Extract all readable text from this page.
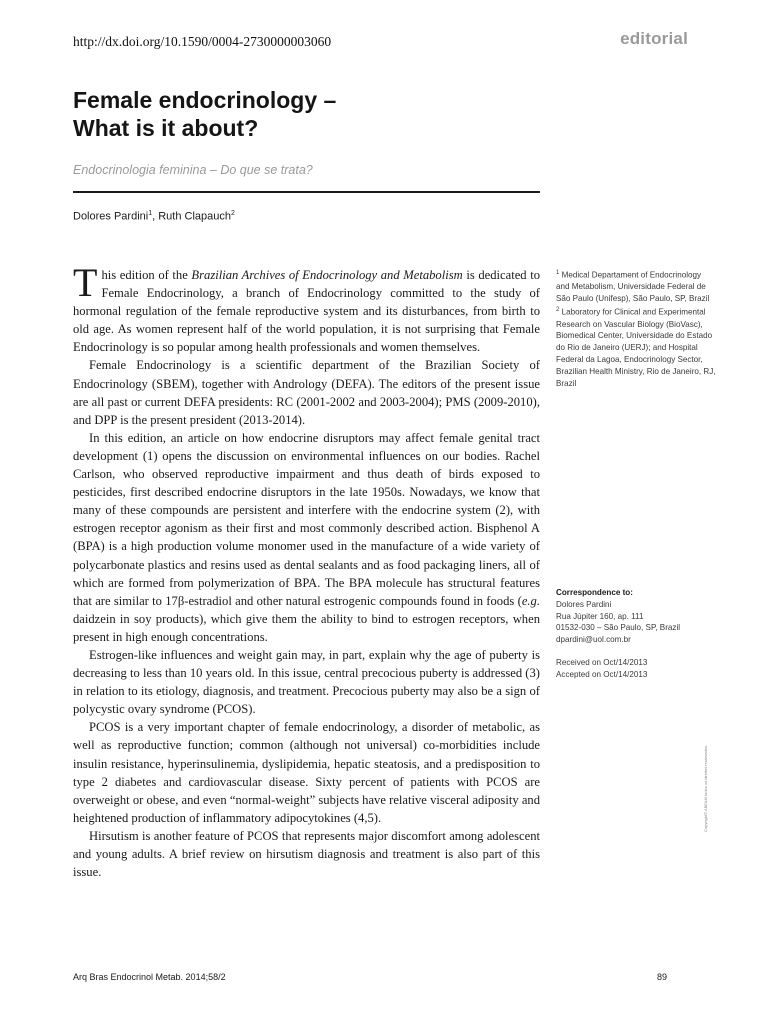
http://dx.doi.org/10.1590/0004-2730000003060	editorial
Female endocrinology –
What is it about?
Endocrinologia feminina – Do que se trata?
Dolores Pardini$^1$, Ruth Clapauch$^2$

This edition of the Brazilian Archives of Endocrinology and Metabolism is dedicated to Female Endocrinology, a branch of Endocrinology committed to the study of hormonal regulation of the female reproductive system and its disturbances, from birth to old age. As women represent half of the world population, it is not surprising that Female Endocrinology is so popular among health professionals and women themselves.

Female Endocrinology is a scientific department of the Brazilian Society of Endocrinology (SBEM), together with Andrology (DEFA). The editors of the present issue are all past or current DEFA presidents: RC (2001-2002 and 2003-2004); PMS (2009-2010), and DPP is the present president (2013-2014).

In this edition, an article on how endocrine disruptors may affect female genital tract development (1) opens the discussion on environmental influences on our bodies. Rachel Carlson, who observed reproductive impairment and thus death of birds exposed to pesticides, first described endocrine disruptors in the late 1950s. Nowadays, we know that many of these compounds are persistent and interfere with the endocrine system (2), with estrogen receptor agonism as their first and most commonly described action. Bisphenol A (BPA) is a high production volume monomer used in the manufacture of a wide variety of polycarbonate plastics and resins used as dental sealants and as food packaging liners, all of which are formed from polymerization of BPA. The BPA molecule has structural features that are similar to 17β-estradiol and other natural estrogenic compounds found in foods (e.g. daidzein in soy products), which give them the ability to bind to estrogen receptors, when present in high enough concentrations.

Estrogen-like influences and weight gain may, in part, explain why the age of puberty is decreasing to less than 10 years old. In this issue, central precocious puberty is addressed (3) in relation to its etiology, diagnosis, and treatment. Precocious puberty may also be a sign of polycystic ovary syndrome (PCOS).

PCOS is a very important chapter of female endocrinology, a disorder of metabolic, as well as reproductive function; common (although not universal) co-morbidities include insulin resistance, hyperinsulinemia, dyslipidemia, hepatic steatosis, and a predisposition to type 2 diabetes and cardiovascular disease. Sixty percent of patients with PCOS are overweight or obese, and even “normal-weight” subjects have relative visceral adiposity and heightened production of inflammatory adipocytokines (4,5).

Hirsutism is another feature of PCOS that represents major discomfort among adolescent and young adults. A brief review on hirsutism diagnosis and treatment is also part of this issue.

$^1$ Medical Departament of Endocrinology and Metabolism, Universidade Federal de São Paulo (Unifesp), São Paulo, SP, Brazil

$^2$ Laboratory for Clinical and Experimental Research on Vascular Biology (BioVasc), Biomedical Center, Universidade do Estado do Rio de Janeiro (UERJ); and Hospital Federal da Lagoa, Endocrinology Sector, Brazilian Health Ministry, Rio de Janeiro, RJ, Brazil

Correspondence to:

Dolores Pardini

Rua Júpiter 160, ap. 111

01532-030 – São Paulo, SP, Brazil

dpardini@uol.com.br

Received on Oct/14/2013

Accepted on Oct/14/2013

Copyright© ABE&M todos os direitos reservados.
Arq Bras Endocrinol Metab. 2014;58/2	89
